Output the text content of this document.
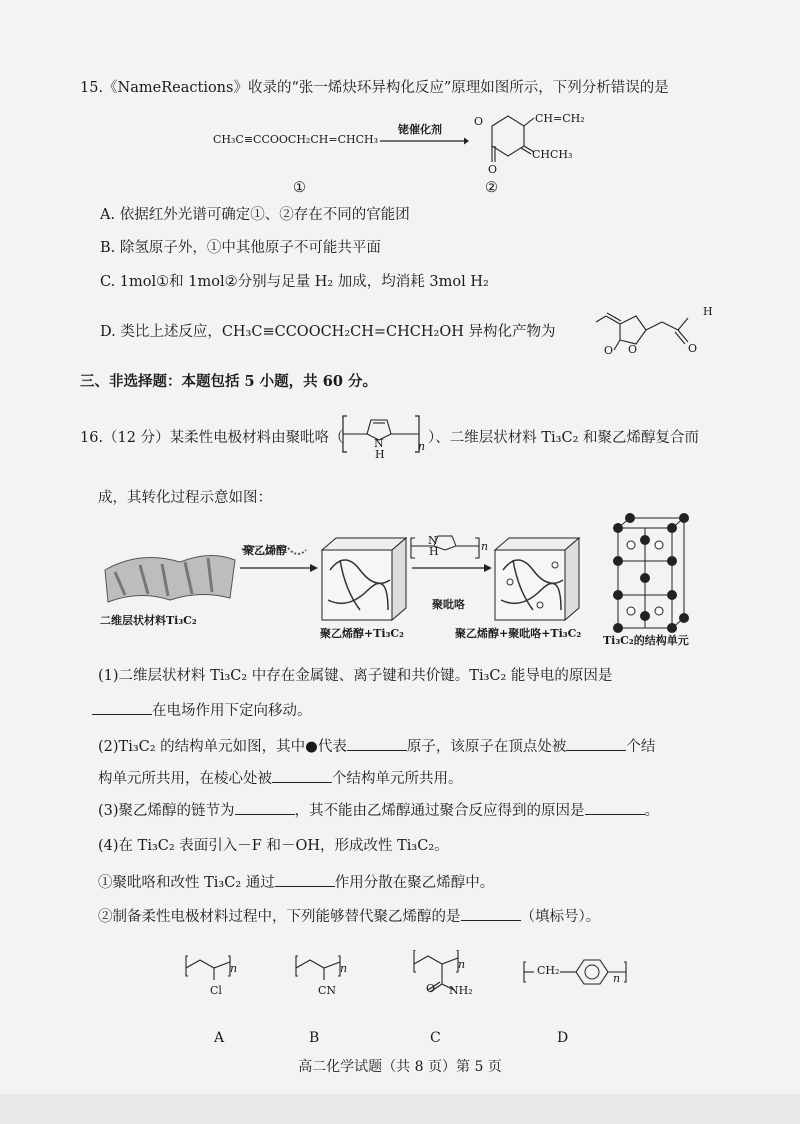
15.《NameReactions》收录的“张一烯炔环异构化反应”原理如图所示，下列分析错误的是
CH₃C≡CCOOCH₂CH=CHCH₃
铑催化剂
O	CH=CH₂
CHCH₃
O
①	②
A. 依据红外光谱可确定①、②存在不同的官能团
B. 除氢原子外，①中其他原子不可能共平面
C. 1mol①和 1mol②分别与足量 H₂ 加成，均消耗 3mol H₂
D. 类比上述反应，CH₃C≡CCOOCH₂CH=CHCH₂OH 异构化产物为
H
O
O O
三、非选择题：本题包括 5 小题，共 60 分。
16.（12 分）某柔性电极材料由聚吡咯（	N
H
n
）、二维层状材料 Ti₃C₂ 和聚乙烯醇复合而
成，其转化过程示意如图：
聚乙烯醇
聚吡咯
N
H	n
二维层状材料Ti₃C₂
聚乙烯醇+Ti₃C₂	聚乙烯醇+聚吡咯+Ti₃C₂
Ti₃C₂的结构单元
(1)二维层状材料 Ti₃C₂ 中存在金属键、离子键和共价键。Ti₃C₂ 能导电的原因是
在电场作用下定向移动。
(2)Ti₃C₂ 的结构单元如图，其中●代表	原子，该原子在顶点处被	个结
构单元所共用，在棱心处被	个结构单元所共用。
(3)聚乙烯醇的链节为	，其不能由乙烯醇通过聚合反应得到的原因是	。
(4)在 Ti₃C₂ 表面引入－F 和－OH，形成改性 Ti₃C₂。
①聚吡咯和改性 Ti₃C₂ 通过	作用分散在聚乙烯醇中。
②制备柔性电极材料过程中，下列能够替代聚乙烯醇的是	（填标号）。
Cl
n
CN
n
O NH₂
n	CH₂
n
A	B	C	D
高二化学试题（共 8 页）第 5 页
